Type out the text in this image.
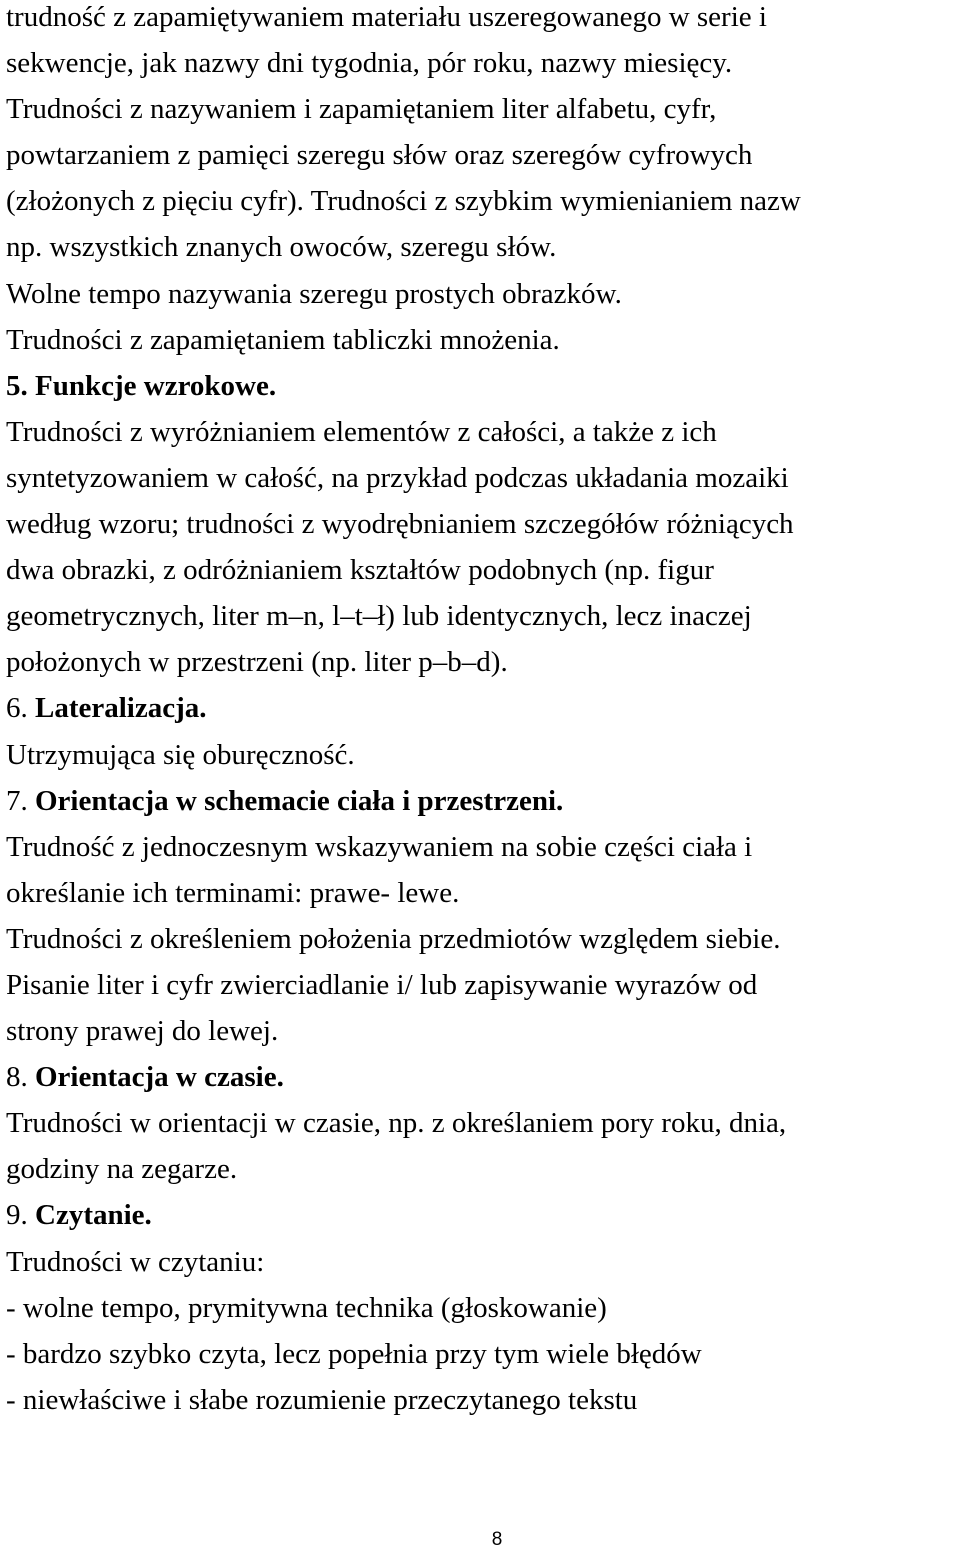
trudność z zapamiętywaniem materiału uszeregowanego w serie i
sekwencje, jak nazwy dni tygodnia, pór roku, nazwy miesięcy.
Trudności z nazywaniem i zapamiętaniem liter alfabetu, cyfr,
powtarzaniem z pamięci szeregu słów oraz szeregów cyfrowych
(złożonych z pięciu cyfr). Trudności z szybkim wymienianiem nazw
np. wszystkich znanych owoców, szeregu słów.
Wolne tempo nazywania szeregu prostych obrazków.
Trudności z zapamiętaniem tabliczki mnożenia.
5. Funkcje wzrokowe.
Trudności z wyróżnianiem elementów z całości, a także z ich
syntetyzowaniem w całość, na przykład podczas układania mozaiki
według wzoru; trudności z wyodrębnianiem szczegółów różniących
dwa obrazki, z odróżnianiem kształtów podobnych (np. figur
geometrycznych, liter m–n, l–t–ł) lub identycznych, lecz inaczej
położonych w przestrzeni (np. liter p–b–d).
6. Lateralizacja.
Utrzymująca się oburęczność.
7. Orientacja w schemacie ciała i przestrzeni.
Trudność z jednoczesnym wskazywaniem na sobie części ciała i
określanie ich terminami: prawe- lewe.
Trudności z określeniem położenia przedmiotów względem siebie.
Pisanie liter i cyfr zwierciadlanie i/ lub zapisywanie wyrazów od
strony prawej do lewej.
8. Orientacja w czasie.
Trudności w orientacji w czasie, np. z określaniem pory roku, dnia,
godziny na zegarze.
9. Czytanie.
Trudności w czytaniu:
- wolne tempo, prymitywna technika (głoskowanie)
- bardzo szybko czyta, lecz popełnia przy tym wiele błędów
- niewłaściwe i słabe rozumienie przeczytanego tekstu
8
